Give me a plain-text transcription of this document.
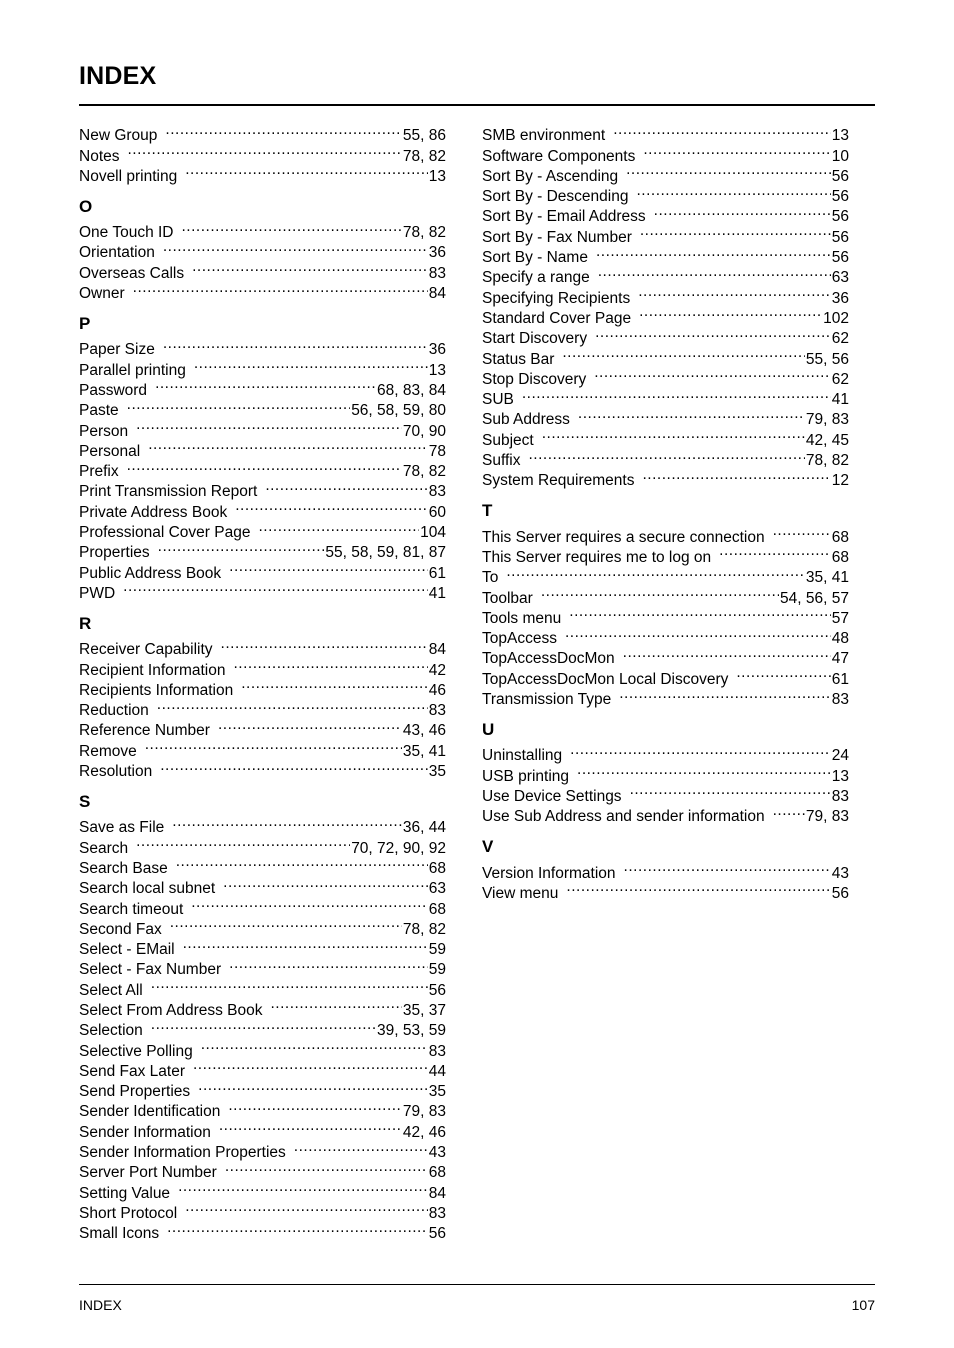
INDEX
New Group .....	55, 86
Notes .....	78, 82
Novell printing .....	13
O
One Touch ID .....	78, 82
Orientation .....	36
Overseas Calls .....	83
Owner .....	84
P
Paper Size .....	36
Parallel printing .....	13
Password .....	68, 83, 84
Paste .....	56, 58, 59, 80
Person .....	70, 90
Personal .....	78
Prefix .....	78, 82
Print Transmission Report .....	83
Private Address Book .....	60
Professional Cover Page .....	104
Properties .....	55, 58, 59, 81, 87
Public Address Book .....	61
PWD .....	41
R
Receiver Capability .....	84
Recipient Information .....	42
Recipients Information .....	46
Reduction .....	83
Reference Number .....	43, 46
Remove .....	35, 41
Resolution .....	35
S
Save as File .....	36, 44
Search .....	70, 72, 90, 92
Search Base .....	68
Search local subnet .....	63
Search timeout .....	68
Second Fax .....	78, 82
Select - EMail .....	59
Select - Fax Number .....	59
Select All .....	56
Select From Address Book .....	35, 37
Selection .....	39, 53, 59
Selective Polling .....	83
Send Fax Later .....	44
Send Properties .....	35
Sender Identification .....	79, 83
Sender Information .....	42, 46
Sender Information Properties .....	43
Server Port Number .....	68
Setting Value .....	84
Short Protocol .....	83
Small Icons .....	56
SMB environment .....	13
Software Components .....	10
Sort By - Ascending .....	56
Sort By - Descending .....	56
Sort By - Email Address .....	56
Sort By - Fax Number .....	56
Sort By - Name .....	56
Specify a range .....	63
Specifying Recipients .....	36
Standard Cover Page .....	102
Start Discovery .....	62
Status Bar .....	55, 56
Stop Discovery .....	62
SUB .....	41
Sub Address .....	79, 83
Subject .....	42, 45
Suffix .....	78, 82
System Requirements .....	12
T
This Server requires a secure connection .....	68
This Server requires me to log on .....	68
To .....	35, 41
Toolbar .....	54, 56, 57
Tools menu .....	57
TopAccess .....	48
TopAccessDocMon .....	47
TopAccessDocMon Local Discovery .....	61
Transmission Type .....	83
U
Uninstalling .....	24
USB printing .....	13
Use Device Settings .....	83
Use Sub Address and sender information .....	79, 83
V
Version Information .....	43
View menu .....	56
INDEX	107
